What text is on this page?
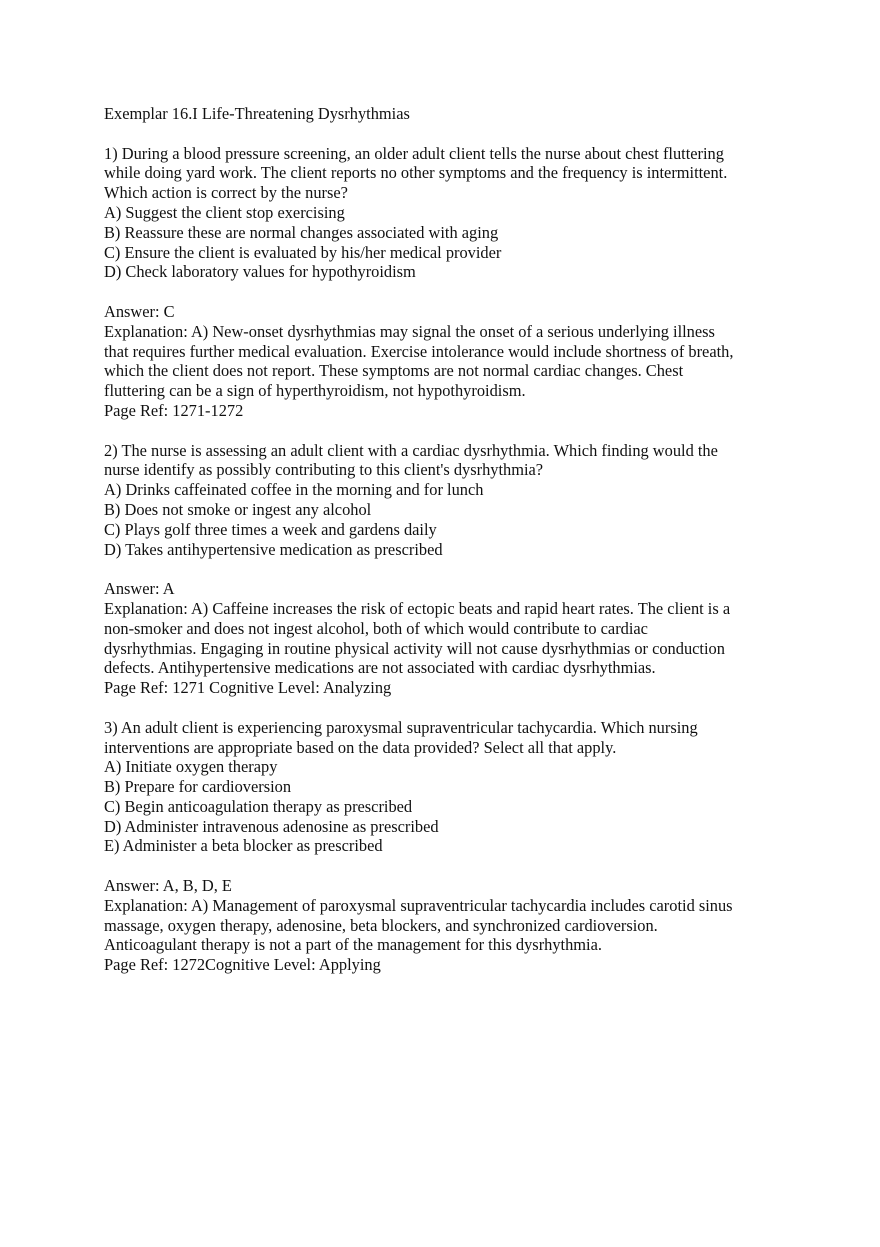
Exemplar 16.I Life-Threatening Dysrhythmias
1) During a blood pressure screening, an older adult client tells the nurse about chest fluttering
while doing yard work. The client reports no other symptoms and the frequency is intermittent.
Which action is correct by the nurse?
A) Suggest the client stop exercising
B) Reassure these are normal changes associated with aging
C) Ensure the client is evaluated by his/her medical provider
D) Check laboratory values for hypothyroidism
Answer: C
Explanation: A) New-onset dysrhythmias may signal the onset of a serious underlying illness
that requires further medical evaluation. Exercise intolerance would include shortness of breath,
which the client does not report. These symptoms are not normal cardiac changes. Chest
fluttering can be a sign of hyperthyroidism, not hypothyroidism.
Page Ref: 1271-1272
2) The nurse is assessing an adult client with a cardiac dysrhythmia. Which finding would the
nurse identify as possibly contributing to this client's dysrhythmia?
A) Drinks caffeinated coffee in the morning and for lunch
B) Does not smoke or ingest any alcohol
C) Plays golf three times a week and gardens daily
D) Takes antihypertensive medication as prescribed
Answer: A
Explanation: A) Caffeine increases the risk of ectopic beats and rapid heart rates. The client is a
non-smoker and does not ingest alcohol, both of which would contribute to cardiac
dysrhythmias. Engaging in routine physical activity will not cause dysrhythmias or conduction
defects. Antihypertensive medications are not associated with cardiac dysrhythmias.
Page Ref: 1271 Cognitive Level: Analyzing
3) An adult client is experiencing paroxysmal supraventricular tachycardia. Which nursing
interventions are appropriate based on the data provided? Select all that apply.
A) Initiate oxygen therapy
B) Prepare for cardioversion
C) Begin anticoagulation therapy as prescribed
D) Administer intravenous adenosine as prescribed
E) Administer a beta blocker as prescribed
Answer: A, B, D, E
Explanation: A) Management of paroxysmal supraventricular tachycardia includes carotid sinus
massage, oxygen therapy, adenosine, beta blockers, and synchronized cardioversion.
Anticoagulant therapy is not a part of the management for this dysrhythmia.
Page Ref: 1272Cognitive Level: Applying
